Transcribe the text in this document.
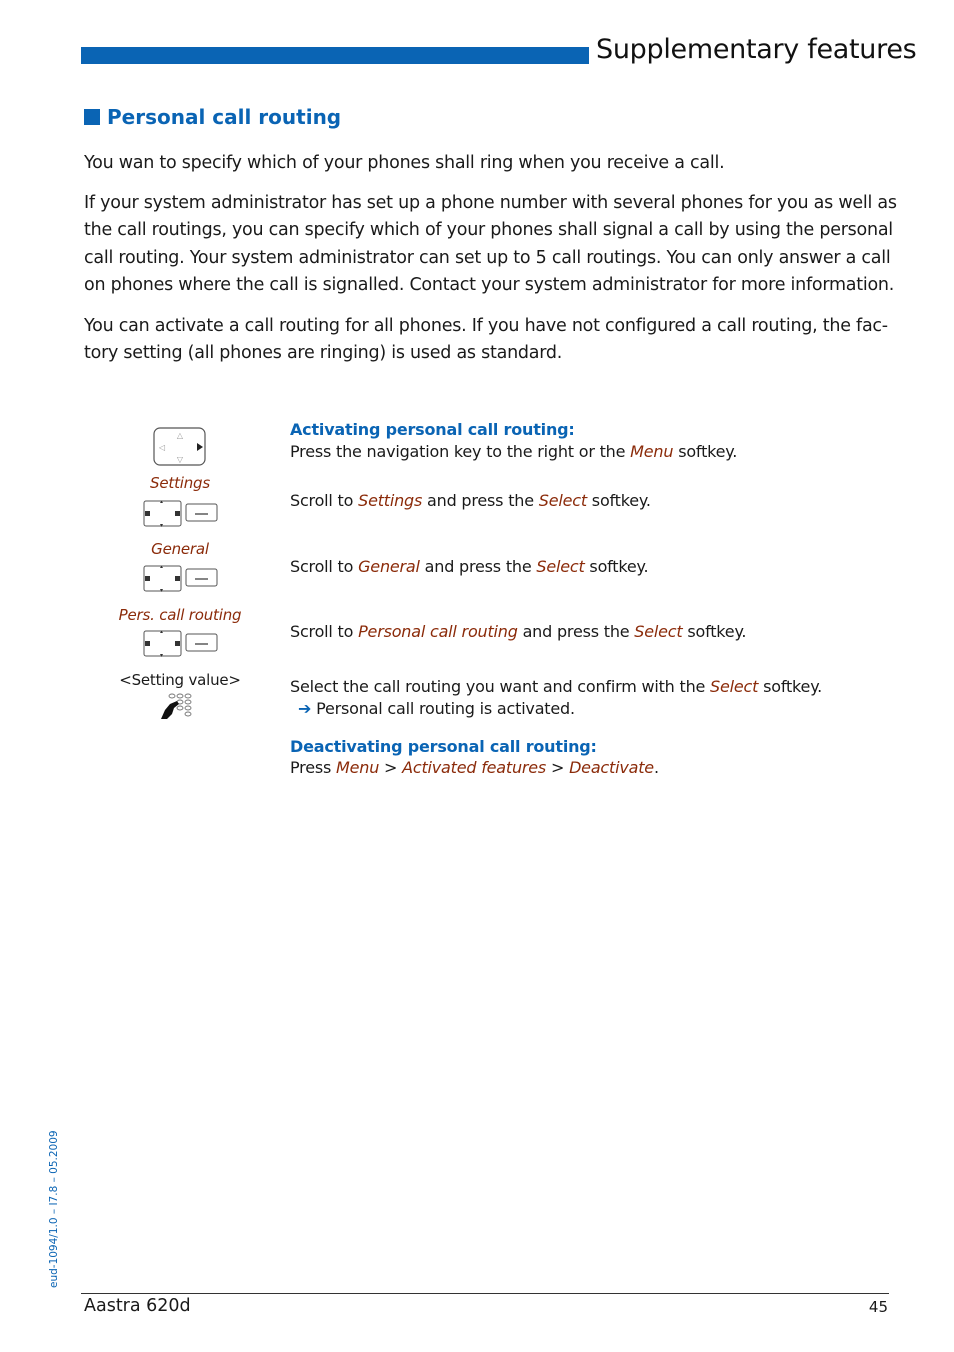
Supplementary features
Personal call routing
You wan to specify which of your phones shall ring when you receive a call.
If your system administrator has set up a phone number with several phones for you as well as
the call routings, you can specify which of your phones shall signal a call by using the personal
call routing. Your system administrator can set up to 5 call routings. You can only answer a call
on phones where the call is signalled. Contact your system administrator for more information.
You can activate a call routing for all phones. If you have not configured a call routing, the fac-
tory setting (all phones are ringing) is used as standard.
△
▽
◁
Settings
General
Pers. call routing
<Setting value>
Activating personal call routing:
Press the navigation key to the right or the Menu softkey.
Scroll to Settings and press the Select softkey.
Scroll to General and press the Select softkey.
Scroll to Personal call routing and press the Select softkey.
Select the call routing you want and confirm with the Select softkey.
➔ Personal call routing is activated.
Deactivating personal call routing:
Press Menu > Activated features > Deactivate.
eud-1094/1.0 – I7.8 – 05.2009
Aastra 620d	45
